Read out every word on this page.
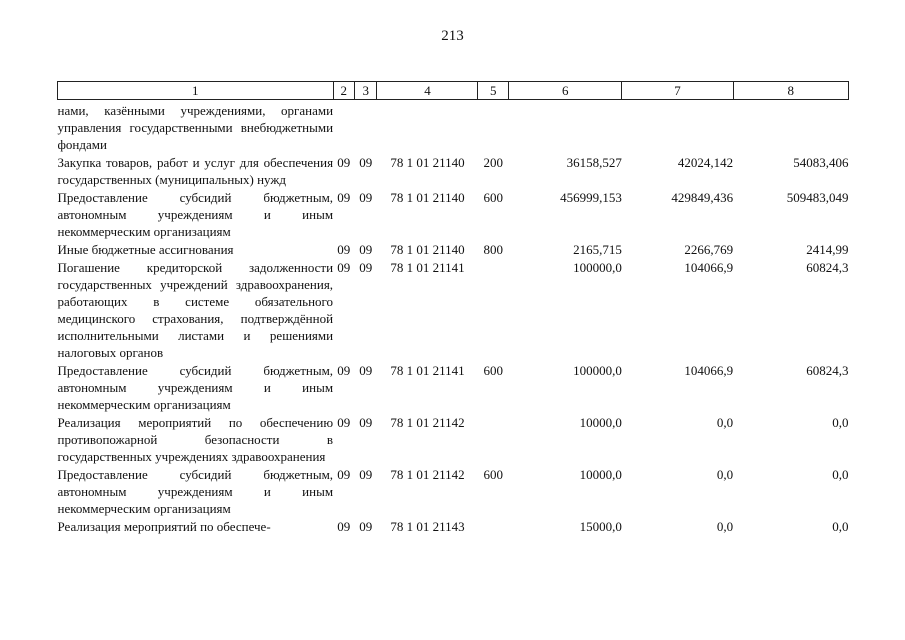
213
1	2	3	4	5	6	7	8
нами, казёнными учреждениями, органами управления государственными внебюджетными фондами							
Закупка товаров, работ и услуг для обеспечения государственных (муниципальных) нужд	09	09	78 1 01 21140	200	36158,527	42024,142	54083,406
Предоставление субсидий бюджетным, автономным учреждениям и иным некоммерческим организациям	09	09	78 1 01 21140	600	456999,153	429849,436	509483,049
Иные бюджетные ассигнования	09	09	78 1 01 21140	800	2165,715	2266,769	2414,99
Погашение кредиторской задолженности государственных учреждений здравоохранения, работающих в системе обязательного медицинского страхования, подтверждённой исполнительными листами и решениями налоговых органов	09	09	78 1 01 21141		100000,0	104066,9	60824,3
Предоставление субсидий бюджетным, автономным учреждениям и иным некоммерческим организациям	09	09	78 1 01 21141	600	100000,0	104066,9	60824,3
Реализация мероприятий по обеспечению противопожарной безопасности в государственных учреждениях здравоохранения	09	09	78 1 01 21142		10000,0	0,0	0,0
Предоставление субсидий бюджетным, автономным учреждениям и иным некоммерческим организациям	09	09	78 1 01 21142	600	10000,0	0,0	0,0
Реализация мероприятий по обеспече-	09	09	78 1 01 21143		15000,0	0,0	0,0
